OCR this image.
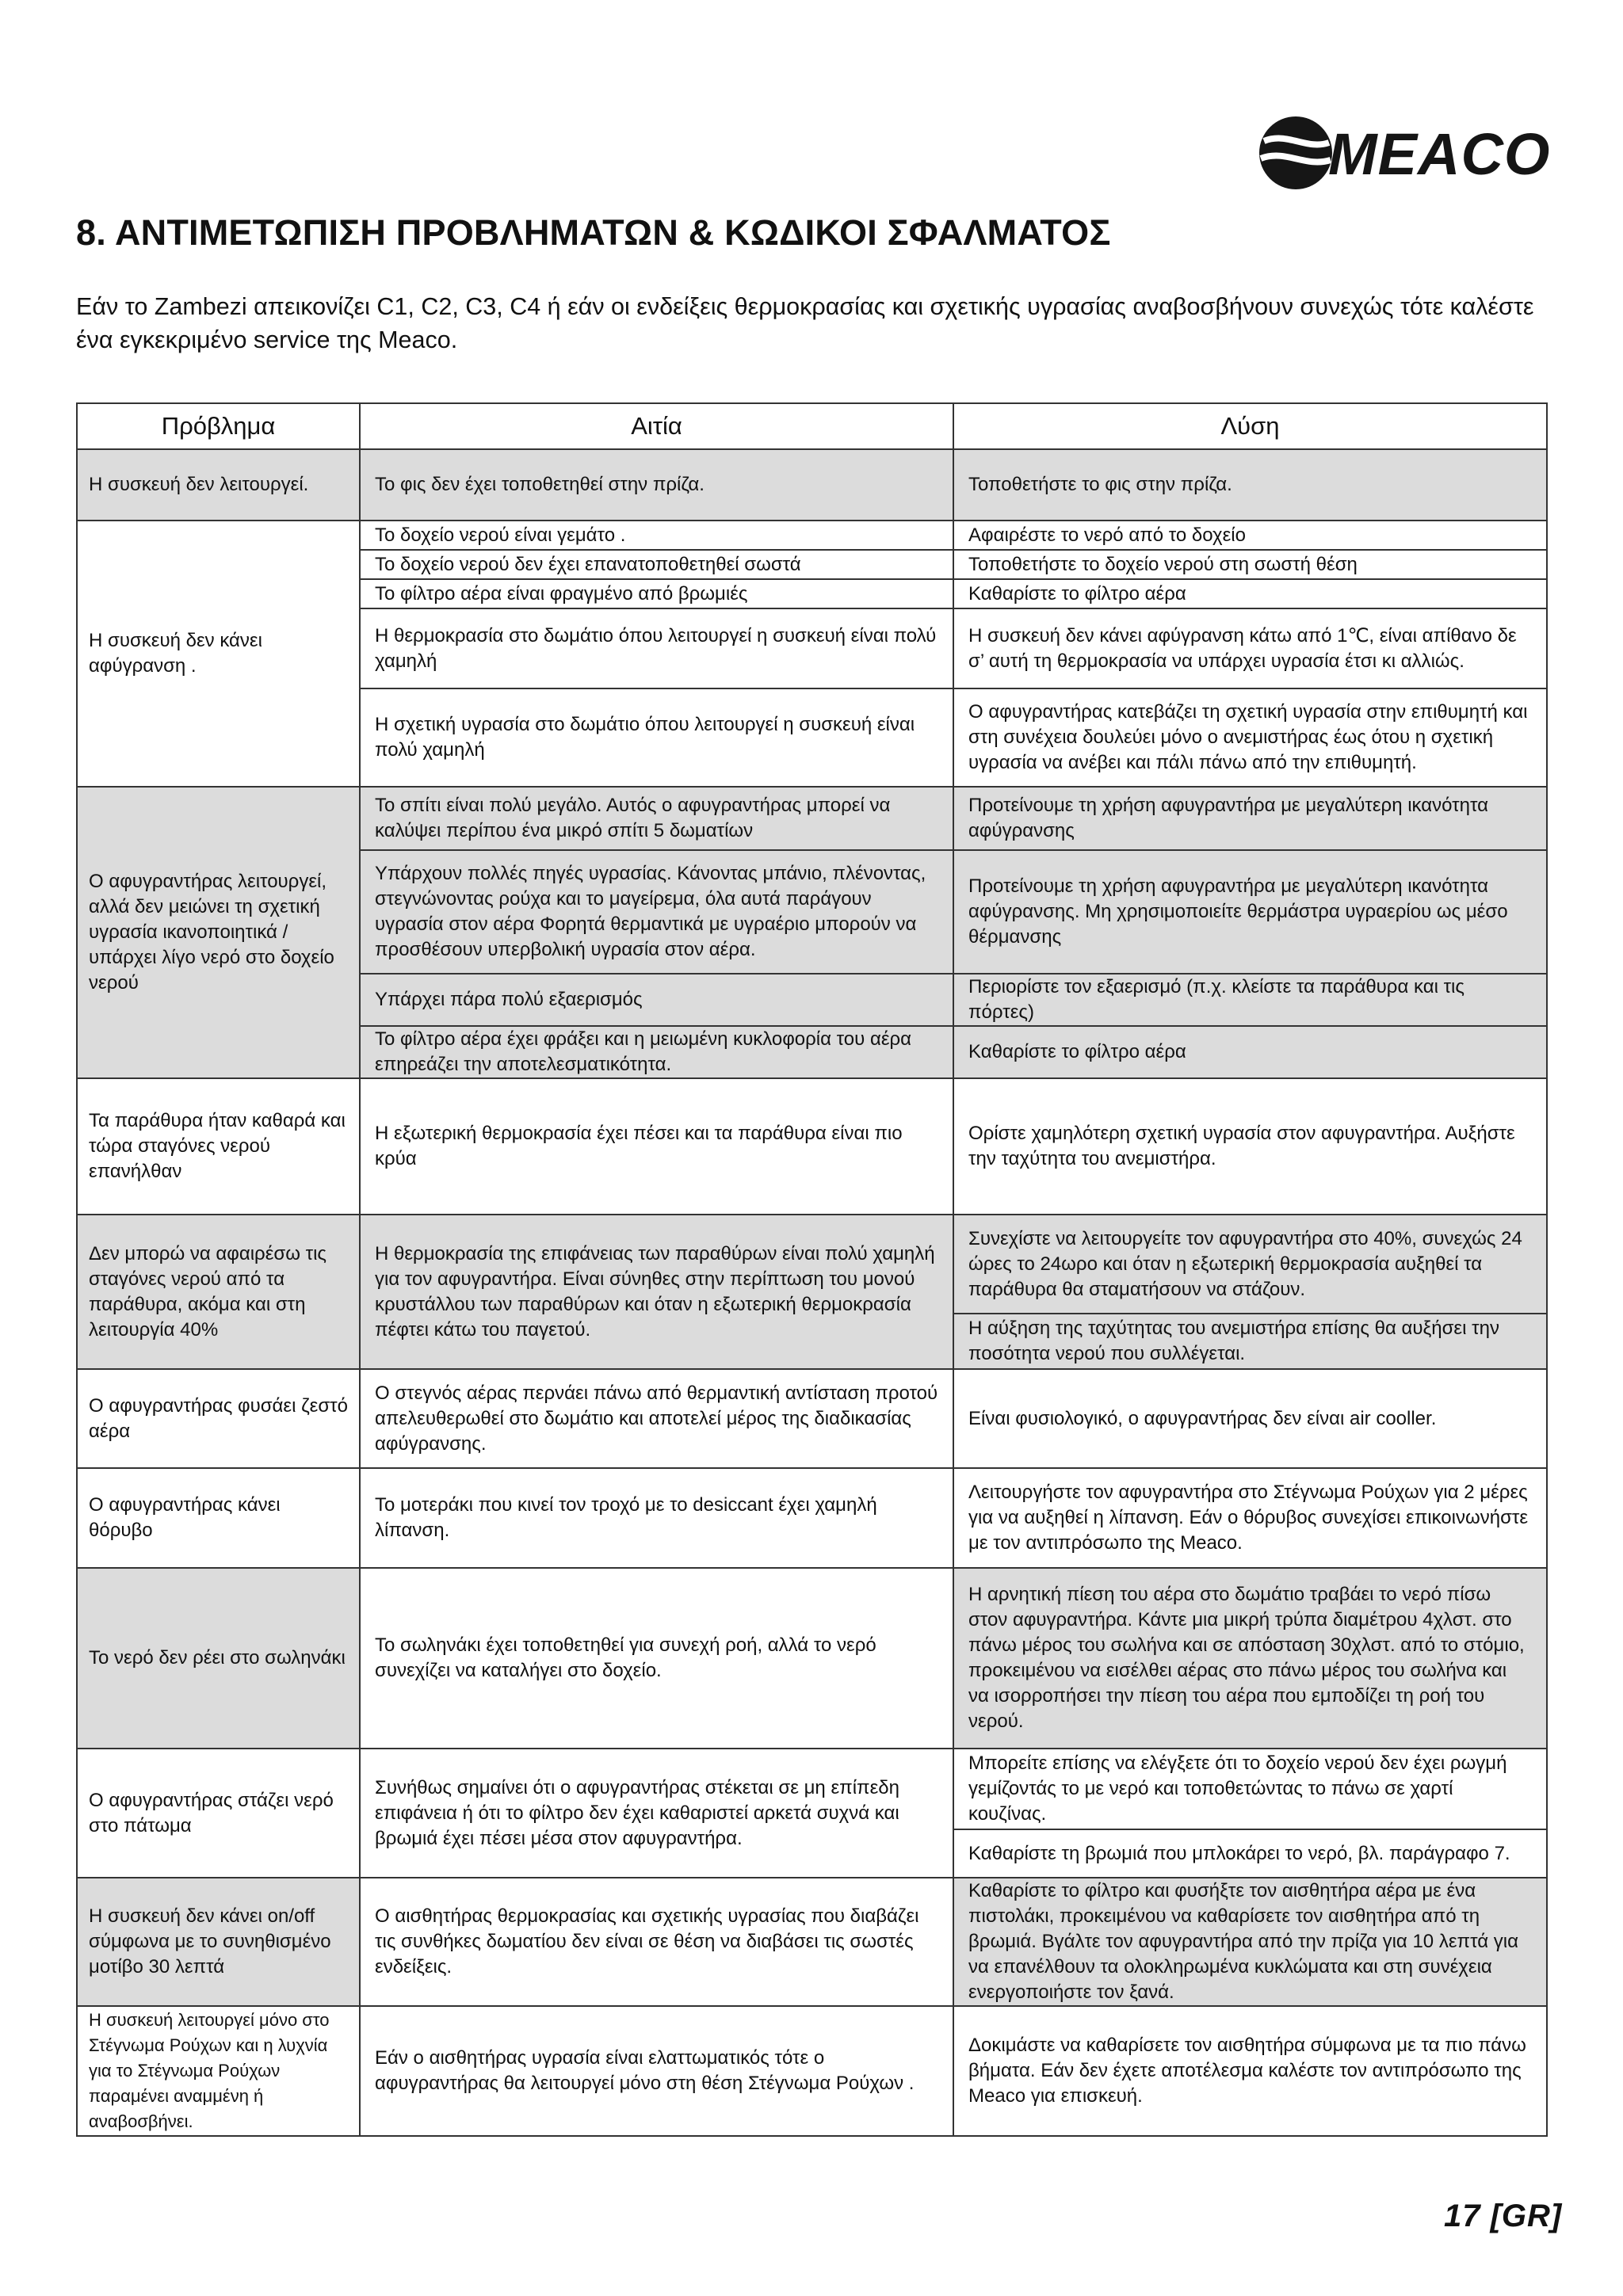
MEACO
8. ΑΝΤΙΜΕΤΩΠΙΣΗ ΠΡΟΒΛΗΜΑΤΩΝ & ΚΩΔΙΚΟΙ ΣΦΑΛΜΑΤΟΣ

Εάν το Zambezi απεικονίζει C1, C2, C3, C4 ή εάν οι ενδείξεις θερμοκρασίας και σχετικής υγρασίας αναβοσβήνουν συνεχώς τότε καλέστε ένα εγκεκριμένο service της Meaco.

Πρόβλημα	Αιτία	Λύση
Η συσκευή δεν λειτουργεί.	Το φις δεν έχει τοποθετηθεί στην πρίζα.	Τοποθετήστε το φις στην πρίζα.
Η συσκευή δεν κάνει αφύγρανση .	Το δοχείο νερού είναι γεμάτο .	Αφαιρέστε το νερό από το δοχείο
	Το δοχείο νερού δεν έχει επανατοποθετηθεί σωστά	Τοποθετήστε το δοχείο νερού στη σωστή θέση
	Το φίλτρο αέρα είναι φραγμένο από βρωμιές	Καθαρίστε το φίλτρο αέρα
	Η θερμοκρασία στο δωμάτιο όπου λειτουργεί η συσκευή είναι πολύ χαμηλή	Η συσκευή δεν κάνει αφύγρανση κάτω από 1℃, είναι απίθανο δε σ’ αυτή τη θερμοκρασία να υπάρχει υγρασία έτσι κι αλλιώς.
	Η σχετική υγρασία στο δωμάτιο όπου λειτουργεί η συσκευή είναι πολύ χαμηλή	Ο αφυγραντήρας κατεβάζει τη σχετική υγρασία στην επιθυμητή και στη συνέχεια δουλεύει μόνο ο ανεμιστήρας έως ότου η σχετική υγρασία να ανέβει και πάλι πάνω από την επιθυμητή.
Ο αφυγραντήρας λειτουργεί, αλλά δεν μειώνει τη σχετική υγρασία ικανοποιητικά /υπάρχει λίγο νερό στο δοχείο νερού	Το σπίτι είναι πολύ μεγάλο. Αυτός ο αφυγραντήρας μπορεί να καλύψει περίπου ένα μικρό σπίτι 5 δωματίων	Προτείνουμε τη χρήση αφυγραντήρα με μεγαλύτερη ικανότητα αφύγρανσης
	Υπάρχουν πολλές πηγές υγρασίας. Κάνοντας μπάνιο, πλένοντας, στεγνώνοντας ρούχα και το μαγείρεμα, όλα αυτά παράγουν υγρασία στον αέρα Φορητά θερμαντικά με υγραέριο μπορούν να προσθέσουν υπερβολική υγρασία στον αέρα.	Προτείνουμε τη χρήση αφυγραντήρα με μεγαλύτερη ικανότητα αφύγρανσης. Μη χρησιμοποιείτε θερμάστρα υγραερίου ως μέσο θέρμανσης
	Υπάρχει πάρα πολύ εξαερισμός	Περιορίστε τον εξαερισμό (π.χ. κλείστε τα παράθυρα και τις πόρτες)
	Το φίλτρο αέρα έχει φράξει και η μειωμένη κυκλοφορία του αέρα επηρεάζει την αποτελεσματικότητα.	Καθαρίστε το φίλτρο αέρα
Τα παράθυρα ήταν καθαρά και τώρα σταγόνες νερού επανήλθαν	Η εξωτερική θερμοκρασία έχει πέσει και τα παράθυρα είναι πιο κρύα	Ορίστε χαμηλότερη σχετική υγρασία στον αφυγραντήρα. Αυξήστε την ταχύτητα του ανεμιστήρα.
Δεν μπορώ να αφαιρέσω τις σταγόνες νερού από τα παράθυρα, ακόμα και στη λειτουργία 40%	Η θερμοκρασία της επιφάνειας των παραθύρων είναι πολύ χαμηλή για τον αφυγραντήρα. Είναι σύνηθες στην περίπτωση του μονού κρυστάλλου των παραθύρων και όταν η εξωτερική θερμοκρασία πέφτει κάτω του παγετού.	Συνεχίστε να λειτουργείτε τον αφυγραντήρα στο 40%, συνεχώς 24 ώρες το 24ωρο και όταν η εξωτερική θερμοκρασία αυξηθεί τα παράθυρα θα σταματήσουν να στάζουν.
		Η αύξηση της ταχύτητας του ανεμιστήρα επίσης θα αυξήσει την ποσότητα νερού που συλλέγεται.
Ο αφυγραντήρας φυσάει ζεστό αέρα	Ο στεγνός αέρας περνάει πάνω από θερμαντική αντίσταση προτού απελευθερωθεί στο δωμάτιο και αποτελεί μέρος της διαδικασίας αφύγρανσης.	Είναι φυσιολογικό, ο αφυγραντήρας δεν είναι air cooller.
Ο αφυγραντήρας κάνει θόρυβο	Το μοτεράκι που κινεί τον τροχό με το desiccant έχει χαμηλή λίπανση.	Λειτουργήστε τον αφυγραντήρα στο Στέγνωμα Ρούχων για 2 μέρες για να αυξηθεί η λίπανση. Εάν ο θόρυβος συνεχίσει επικοινωνήστε με τον αντιπρόσωπο της Meaco.
Το νερό δεν ρέει στο σωληνάκι	Το σωληνάκι έχει τοποθετηθεί για συνεχή ροή, αλλά το νερό συνεχίζει να καταλήγει στο δοχείο.	Η αρνητική πίεση του αέρα στο δωμάτιο τραβάει το νερό πίσω στον αφυγραντήρα. Κάντε μια μικρή τρύπα διαμέτρου 4χλστ. στο πάνω μέρος του σωλήνα και σε απόσταση 30χλστ. από το στόμιο, προκειμένου να εισέλθει αέρας στο πάνω μέρος του σωλήνα και να ισορροπήσει την πίεση του αέρα που εμποδίζει τη ροή του νερού.
Ο αφυγραντήρας στάζει νερό στο πάτωμα	Συνήθως σημαίνει ότι ο αφυγραντήρας στέκεται σε μη επίπεδη επιφάνεια ή ότι το φίλτρο δεν έχει καθαριστεί αρκετά συχνά και βρωμιά έχει πέσει μέσα στον αφυγραντήρα.	Μπορείτε επίσης να ελέγξετε ότι το δοχείο νερού δεν έχει ρωγμή γεμίζοντάς το με νερό και τοποθετώντας το πάνω σε χαρτί κουζίνας.
		Καθαρίστε τη βρωμιά που μπλοκάρει το νερό, βλ. παράγραφο 7.
Η συσκευή δεν κάνει on/off σύμφωνα με το συνηθισμένο μοτίβο 30 λεπτά	Ο αισθητήρας θερμοκρασίας και σχετικής υγρασίας που διαβάζει τις συνθήκες δωματίου δεν είναι σε θέση να διαβάσει τις σωστές ενδείξεις.	Καθαρίστε το φίλτρο και φυσήξτε τον αισθητήρα αέρα με ένα πιστολάκι, προκειμένου να καθαρίσετε τον αισθητήρα από τη βρωμιά. Βγάλτε τον αφυγραντήρα από την πρίζα για 10 λεπτά για να επανέλθουν τα ολοκληρωμένα κυκλώματα και στη συνέχεια ενεργοποιήστε τον ξανά.
Η συσκευή λειτουργεί μόνο στο Στέγνωμα Ρούχων και η λυχνία για το Στέγνωμα Ρούχων παραμένει αναμμένη ή αναβοσβήνει.	Εάν ο αισθητήρας υγρασία είναι ελαττωματικός τότε ο αφυγραντήρας θα λειτουργεί μόνο στη θέση Στέγνωμα Ρούχων .	Δοκιμάστε να καθαρίσετε τον αισθητήρα σύμφωνα με τα πιο πάνω βήματα. Εάν δεν έχετε αποτέλεσμα καλέστε τον αντιπρόσωπο της Meaco για επισκευή.
17 [GR]
